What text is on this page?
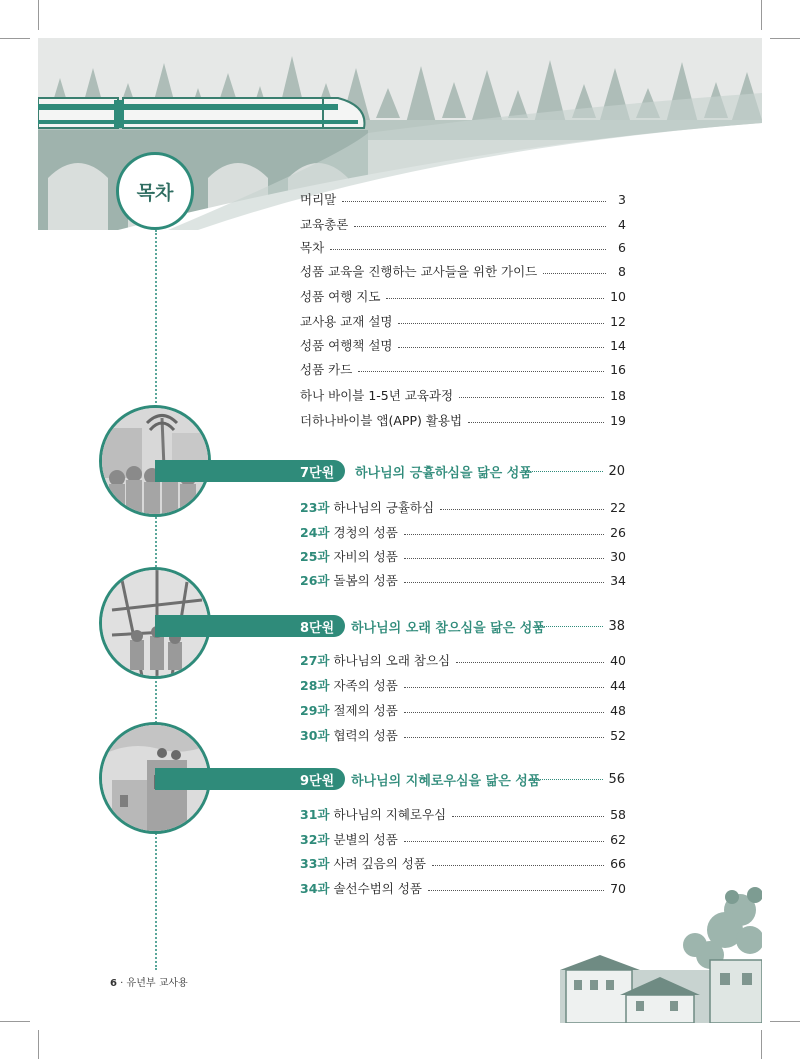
목차	머리말	3
교육총론	4
목차	6
성품 교육을 진행하는 교사들을 위한 가이드	8
성품 여행 지도	10
교사용 교재 설명	12
성품 여행책 설명	14
성품 카드	16
하나 바이블 1-5년 교육과정	18
더하나바이블 앱(APP) 활용법	19
7단원 하나님의 긍휼하심을 닮은 성품	20
23과 하나님의 긍휼하심	22
24과 경청의 성품	26
25과 자비의 성품	30
26과 돌봄의 성품	34
8단원 하나님의 오래 참으심을 닮은 성품	38
27과 하나님의 오래 참으심	40
28과 자족의 성품	44
29과 절제의 성품	48
30과 협력의 성품	52
9단원 하나님의 지혜로우심을 닮은 성품	56
31과 하나님의 지혜로우심	58
32과 분별의 성품	62
33과 사려 깊음의 성품	66
34과 솔선수범의 성품	70
6 · 유년부 교사용
